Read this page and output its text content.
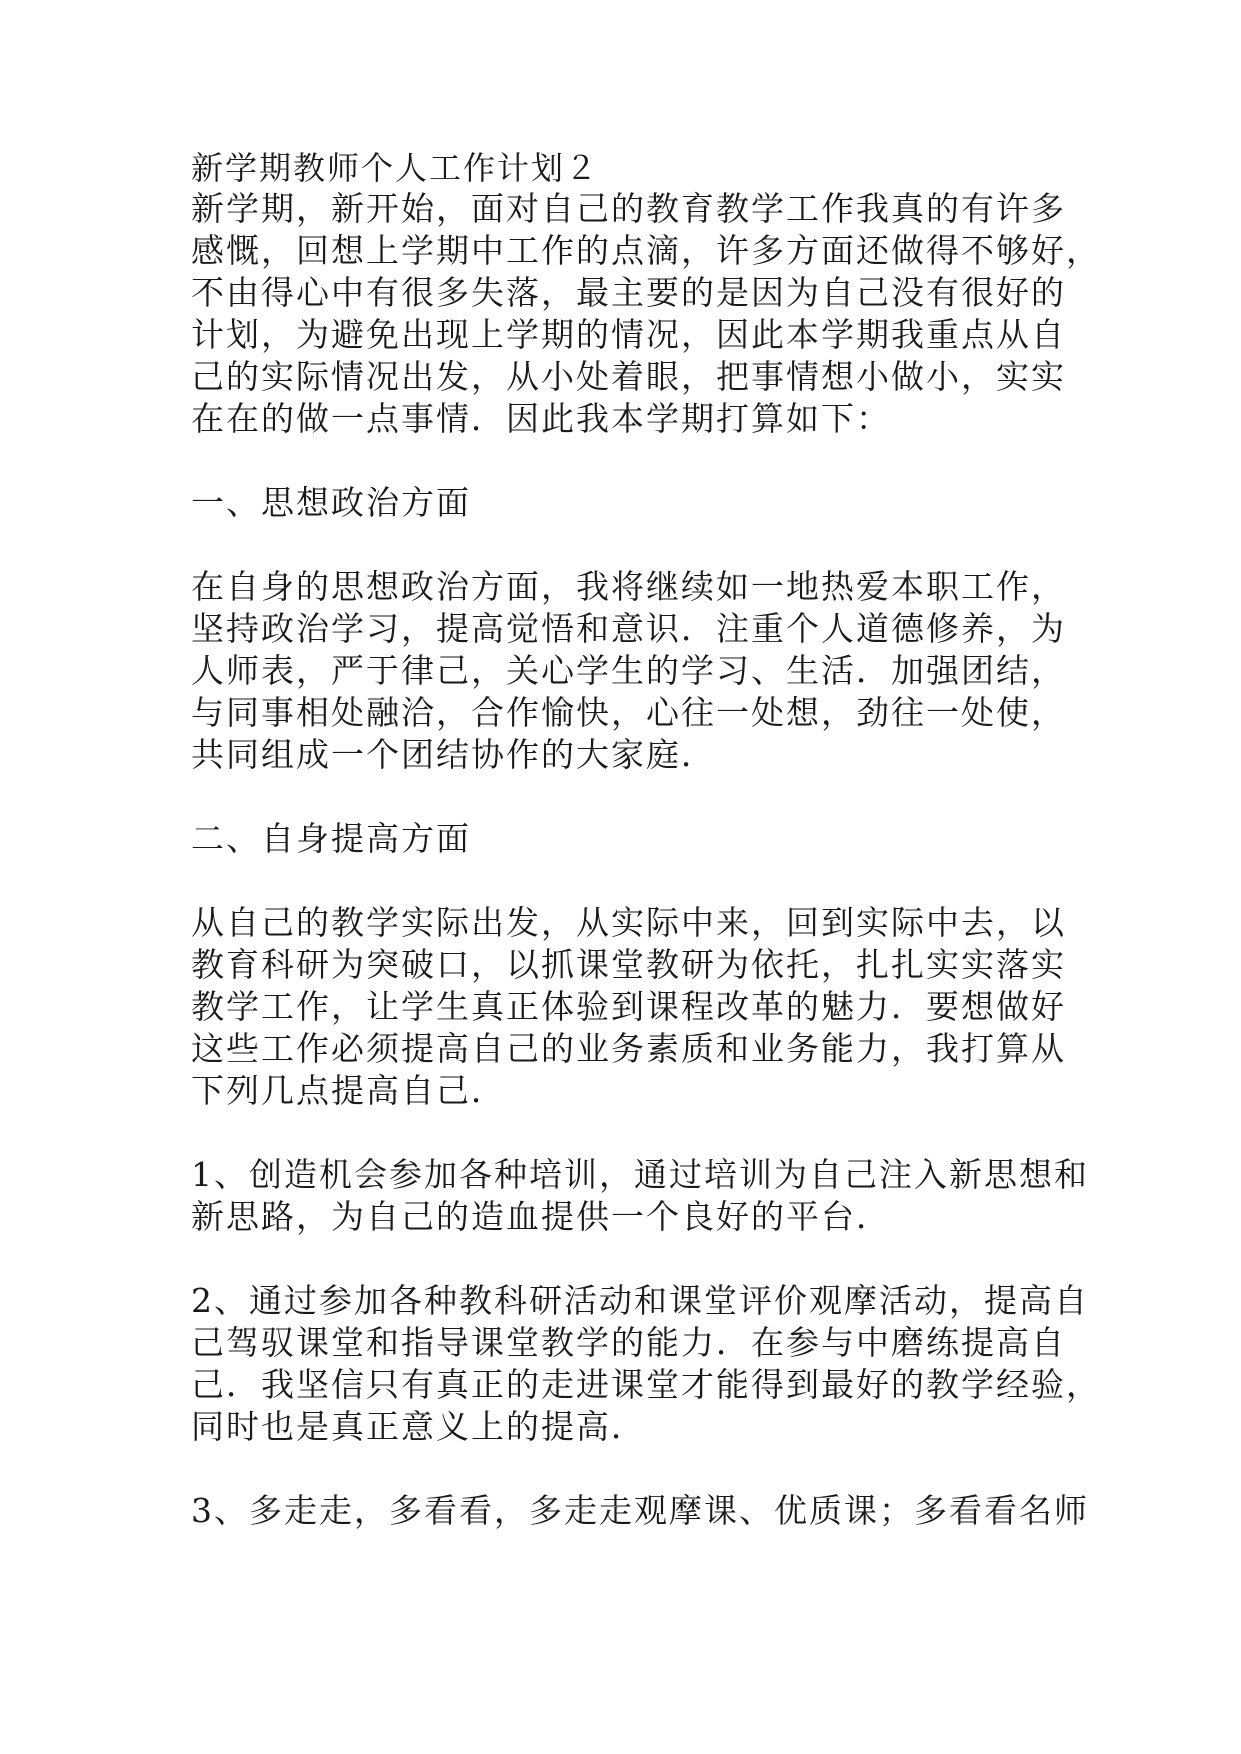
新学期教师个人工作计划２

新学期，新开始，面对自己的教育教学工作我真的有许多
感慨，回想上学期中工作的点滴，许多方面还做得不够好，
不由得心中有很多失落，最主要的是因为自己没有很好的
计划，为避免出现上学期的情况，因此本学期我重点从自
己的实际情况出发，从小处着眼，把事情想小做小，实实
在在的做一点事情．因此我本学期打算如下：
一、思想政治方面
在自身的思想政治方面，我将继续如一地热爱本职工作，
坚持政治学习，提高觉悟和意识．注重个人道德修养，为
人师表，严于律己，关心学生的学习、生活．加强团结，
与同事相处融洽，合作愉快，心往一处想，劲往一处使，
共同组成一个团结协作的大家庭．
二、自身提高方面
从自己的教学实际出发，从实际中来，回到实际中去，以
教育科研为突破口，以抓课堂教研为依托，扎扎实实落实
教学工作，让学生真正体验到课程改革的魅力．要想做好
这些工作必须提高自己的业务素质和业务能力，我打算从
下列几点提高自己．
1、创造机会参加各种培训，通过培训为自己注入新思想和
新思路，为自己的造血提供一个良好的平台．
2、通过参加各种教科研活动和课堂评价观摩活动，提高自
己驾驭课堂和指导课堂教学的能力．在参与中磨练提高自
己．我坚信只有真正的走进课堂才能得到最好的教学经验，
同时也是真正意义上的提高．
3、多走走，多看看，多走走观摩课、优质课；多看看名师
